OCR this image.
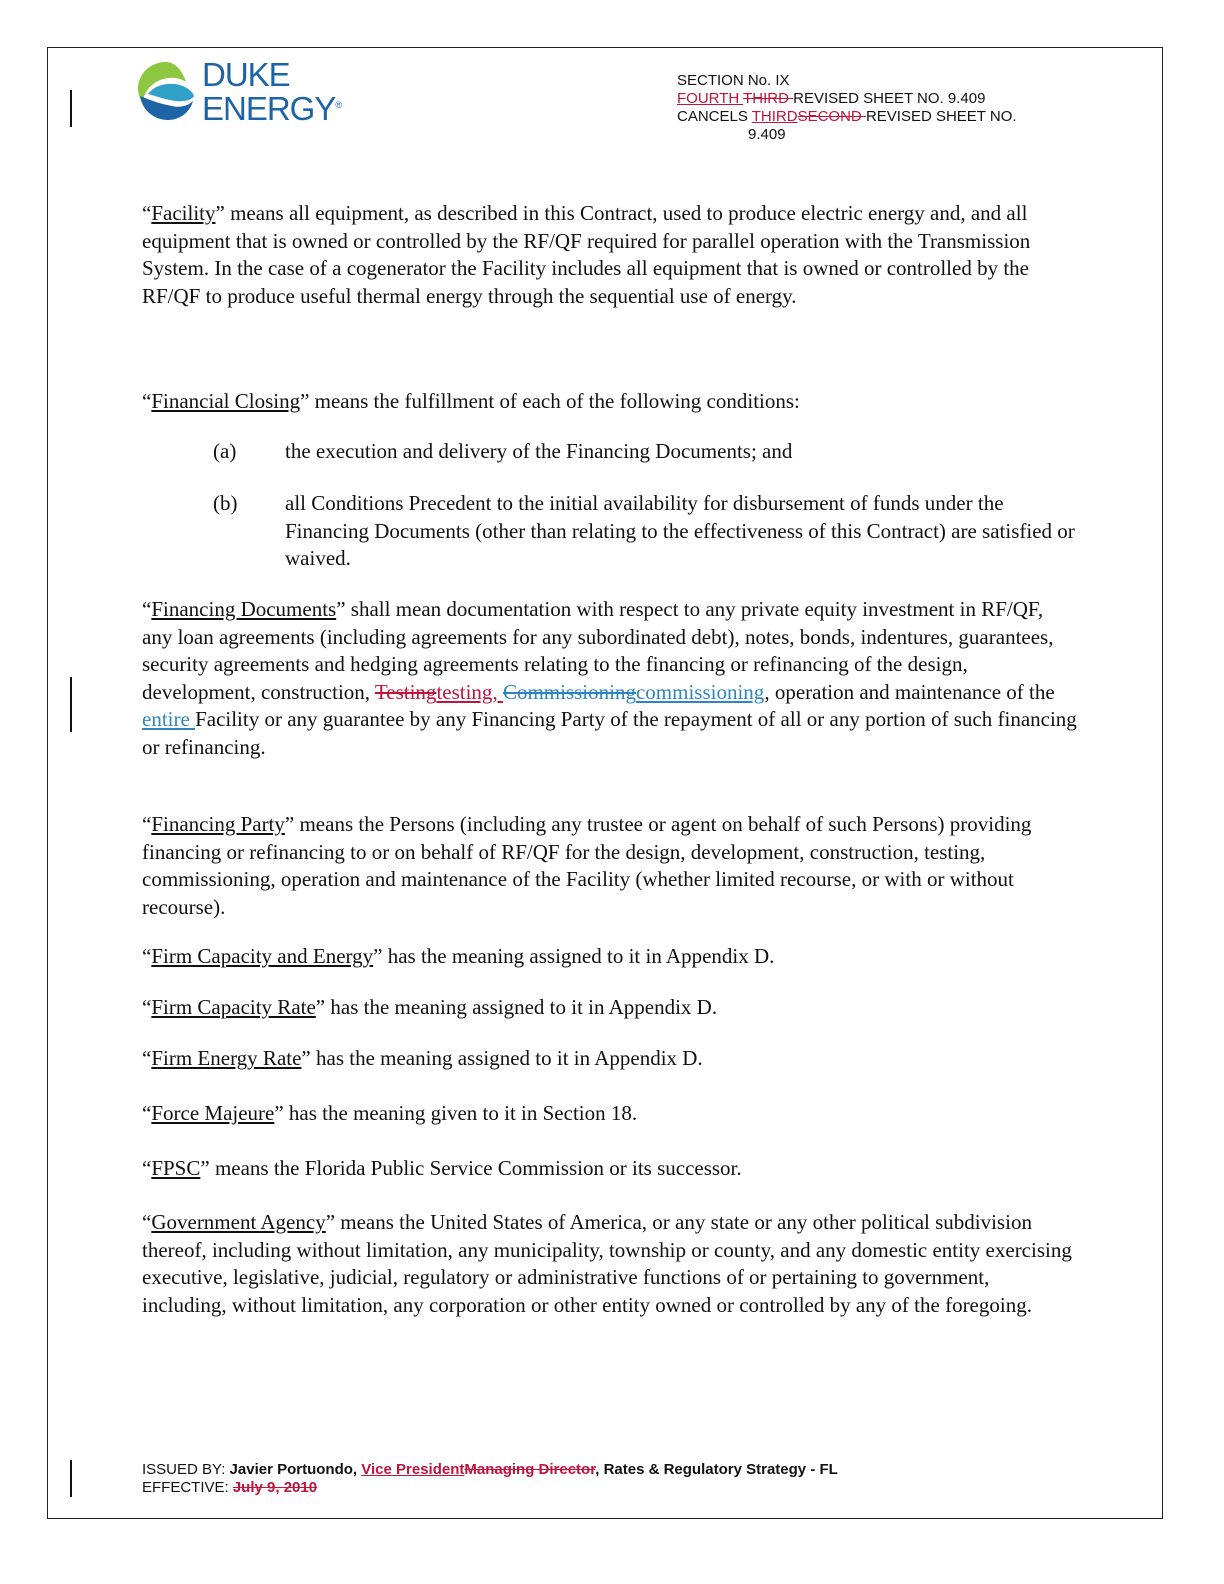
DUKE
ENERGY®
SECTION No. IX
FOURTH THIRD REVISED SHEET NO. 9.409
CANCELS THIRDSECOND REVISED SHEET NO.
9.409
“Facility” means all equipment, as described in this Contract, used to produce electric energy and, and all equipment that is owned or controlled by the RF/QF required for parallel operation with the Transmission System. In the case of a cogenerator the Facility includes all equipment that is owned or controlled by the RF/QF to produce useful thermal energy through the sequential use of energy.
“Financial Closing” means the fulfillment of each of the following conditions:
(a)	the execution and delivery of the Financing Documents; and
(b)	all Conditions Precedent to the initial availability for disbursement of funds under the Financing Documents (other than relating to the effectiveness of this Contract) are satisfied or waived.
“Financing Documents” shall mean documentation with respect to any private equity investment in RF/QF, any loan agreements (including agreements for any subordinated debt), notes, bonds, indentures, guarantees, security agreements and hedging agreements relating to the financing or refinancing of the design, development, construction, Testingtesting, Commissioningcommissioning, operation and maintenance of the entire Facility or any guarantee by any Financing Party of the repayment of all or any portion of such financing or refinancing.
“Financing Party” means the Persons (including any trustee or agent on behalf of such Persons) providing financing or refinancing to or on behalf of RF/QF for the design, development, construction, testing, commissioning, operation and maintenance of the Facility (whether limited recourse, or with or without recourse).
“Firm Capacity and Energy” has the meaning assigned to it in Appendix D.
“Firm Capacity Rate” has the meaning assigned to it in Appendix D.
“Firm Energy Rate” has the meaning assigned to it in Appendix D.
“Force Majeure” has the meaning given to it in Section 18.
“FPSC” means the Florida Public Service Commission or its successor.
“Government Agency” means the United States of America, or any state or any other political subdivision thereof, including without limitation, any municipality, township or county, and any domestic entity exercising executive, legislative, judicial, regulatory or administrative functions of or pertaining to government, including, without limitation, any corporation or other entity owned or controlled by any of the foregoing.
ISSUED BY: Javier Portuondo, Vice PresidentManaging Director, Rates & Regulatory Strategy - FL
EFFECTIVE: July 9, 2010
